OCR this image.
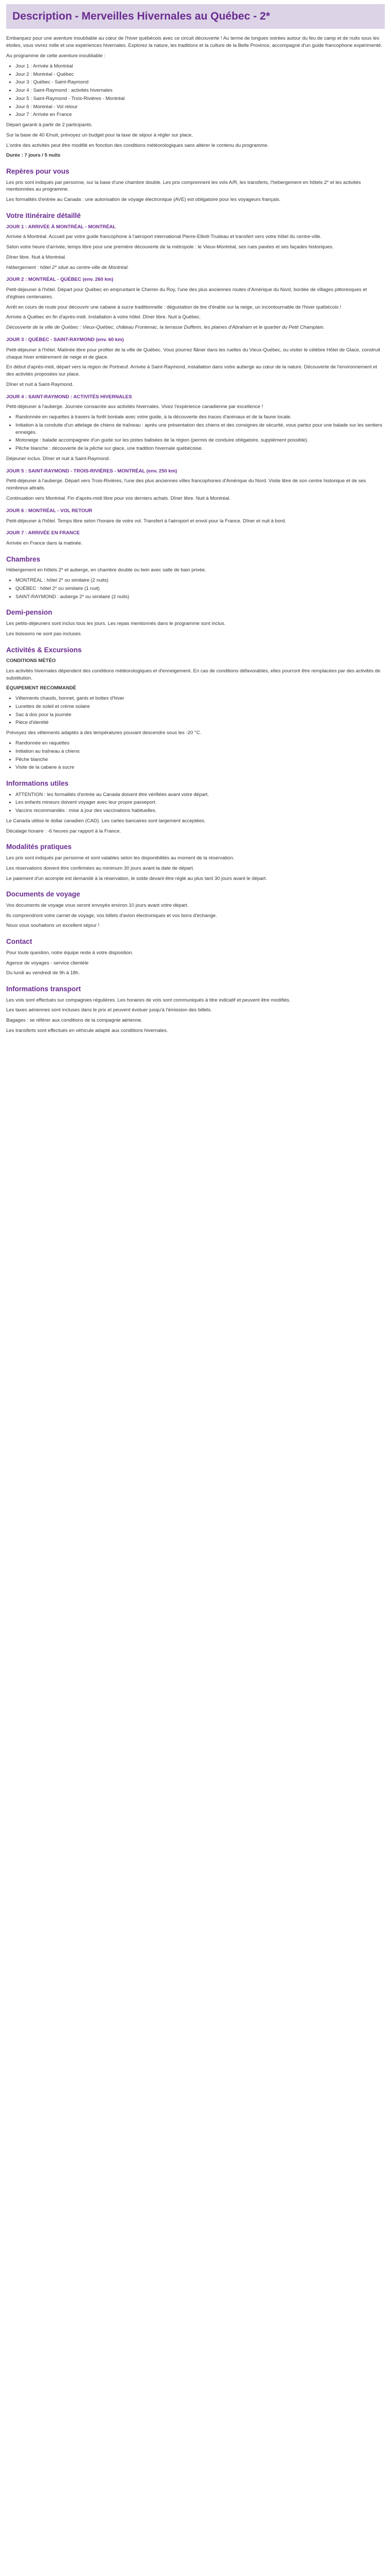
Description - Merveilles Hivernales au Québec - 2*

Embarquez pour une aventure inoubliable au cœur de l'hiver québécois avec ce circuit découverte ! Au terme de longues soirées autour du feu de camp et de nuits sous les étoiles, vous vivrez mille et une expériences hivernales. Explorez la nature, les traditions et la culture de la Belle Province, accompagné d'un guide francophone expérimenté.

Au programme de cette aventure inoubliable :

• Jour 1 : Arrivée à Montréal
• Jour 2 : Montréal - Québec
• Jour 3 : Québec - Saint-Raymond
• Jour 4 : Saint-Raymond : activités hivernales
• Jour 5 : Saint-Raymond - Trois-Rivières - Montréal
• Jour 6 : Montréal - Vol retour
• Jour 7 : Arrivée en France

Départ garanti à partir de 2 participants.

Sur la base de 40 €/nuit, prévoyez un budget pour la taxe de séjour à régler sur place.

L'ordre des activités peut être modifié en fonction des conditions météorologiques sans altérer le contenu du programme.

Durée : 7 jours / 5 nuits

Repères pour vous

Les prix sont indiqués par personne, sur la base d'une chambre double. Les prix comprennent les vols A/R, les transferts, l'hébergement en hôtels 2* et les activités mentionnées au programme.

Les formalités d'entrée au Canada : une autorisation de voyage électronique (AVE) est obligatoire pour les voyageurs français.

Votre itinéraire détaillé

JOUR 1 : ARRIVÉE À MONTRÉAL - MONTRÉAL

Arrivée à Montréal. Accueil par votre guide francophone à l'aéroport international Pierre-Elliott-Trudeau et transfert vers votre hôtel du centre-ville.

Selon votre heure d'arrivée, temps libre pour une première découverte de la métropole : le Vieux-Montréal, ses rues pavées et ses façades historiques.

Dîner libre. Nuit à Montréal.

Hébergement : hôtel 2* situé au centre-ville de Montréal.

JOUR 2 : MONTRÉAL - QUÉBEC (env. 260 km)

Petit-déjeuner à l'hôtel. Départ pour Québec en empruntant le Chemin du Roy, l'une des plus anciennes routes d'Amérique du Nord, bordée de villages pittoresques et d'églises centenaires.

Arrêt en cours de route pour découvrir une cabane à sucre traditionnelle : dégustation de tire d'érable sur la neige, un incontournable de l'hiver québécois !

Arrivée à Québec en fin d'après-midi. Installation à votre hôtel. Dîner libre. Nuit à Québec.

Découverte de la ville de Québec : Vieux-Québec, château Frontenac, la terrasse Dufferin, les plaines d'Abraham et le quartier du Petit Champlain.

JOUR 3 : QUÉBEC - SAINT-RAYMOND (env. 60 km)

Petit-déjeuner à l'hôtel. Matinée libre pour profiter de la ville de Québec. Vous pourrez flâner dans les ruelles du Vieux-Québec, ou visiter le célèbre Hôtel de Glace, construit chaque hiver entièrement de neige et de glace.

En début d'après-midi, départ vers la région de Portneuf. Arrivée à Saint-Raymond, installation dans votre auberge au cœur de la nature. Découverte de l'environnement et des activités proposées sur place.

Dîner et nuit à Saint-Raymond.

JOUR 4 : SAINT-RAYMOND : ACTIVITÉS HIVERNALES

Petit-déjeuner à l'auberge. Journée consacrée aux activités hivernales. Vivez l'expérience canadienne par excellence !

• Randonnée en raquettes à travers la forêt boréale avec votre guide, à la découverte des traces d'animaux et de la faune locale.
• Initiation à la conduite d'un attelage de chiens de traîneau : après une présentation des chiens et des consignes de sécurité, vous partez pour une balade sur les sentiers enneigés.
• Motoneige : balade accompagnée d'un guide sur les pistes balisées de la région (permis de conduire obligatoire, supplément possible).
• Pêche blanche : découverte de la pêche sur glace, une tradition hivernale québécoise.

Déjeuner inclus. Dîner et nuit à Saint-Raymond.

JOUR 5 : SAINT-RAYMOND - TROIS-RIVIÈRES - MONTRÉAL (env. 250 km)

Petit-déjeuner à l'auberge. Départ vers Trois-Rivières, l'une des plus anciennes villes francophones d'Amérique du Nord. Visite libre de son centre historique et de ses nombreux attraits.

Continuation vers Montréal. Fin d'après-midi libre pour vos derniers achats. Dîner libre. Nuit à Montréal.

JOUR 6 : MONTRÉAL - VOL RETOUR

Petit-déjeuner à l'hôtel. Temps libre selon l'horaire de votre vol. Transfert à l'aéroport et envol pour la France. Dîner et nuit à bord.

JOUR 7 : ARRIVÉE EN FRANCE

Arrivée en France dans la matinée.

Chambres

Hébergement en hôtels 2* et auberge, en chambre double ou twin avec salle de bain privée.

• MONTRÉAL : hôtel 2* ou similaire (2 nuits)
• QUÉBEC : hôtel 2* ou similaire (1 nuit)
• SAINT-RAYMOND : auberge 2* ou similaire (2 nuits)
Demi-pension

Les petits-déjeuners sont inclus tous les jours. Les repas mentionnés dans le programme sont inclus.

Les boissons ne sont pas incluses.

Activités & Excursions

CONDITIONS MÉTÉO

Les activités hivernales dépendent des conditions météorologiques et d'enneigement. En cas de conditions défavorables, elles pourront être remplacées par des activités de substitution.

ÉQUIPEMENT RECOMMANDÉ

• Vêtements chauds, bonnet, gants et bottes d'hiver
• Lunettes de soleil et crème solaire
• Sac à dos pour la journée
• Pièce d'identité

Prévoyez des vêtements adaptés à des températures pouvant descendre sous les -20 °C.

• Randonnée en raquettes
• Initiation au traîneau à chiens
• Pêche blanche
• Visite de la cabane à sucre
Informations utiles
• ATTENTION : les formalités d'entrée au Canada doivent être vérifiées avant votre départ.
• Les enfants mineurs doivent voyager avec leur propre passeport.
• Vaccins recommandés : mise à jour des vaccinations habituelles.

Le Canada utilise le dollar canadien (CAD). Les cartes bancaires sont largement acceptées.

Décalage horaire : -6 heures par rapport à la France.

Modalités pratiques

Les prix sont indiqués par personne et sont valables selon les disponibilités au moment de la réservation.

Les réservations doivent être confirmées au minimum 30 jours avant la date de départ.

Le paiement d'un acompte est demandé à la réservation, le solde devant être réglé au plus tard 30 jours avant le départ.

Documents de voyage

Vos documents de voyage vous seront envoyés environ 10 jours avant votre départ.

Ils comprendront votre carnet de voyage, vos billets d'avion électroniques et vos bons d'échange.

Nous vous souhaitons un excellent séjour !

Contact

Pour toute question, notre équipe reste à votre disposition.

Agence de voyages - service clientèle

Du lundi au vendredi de 9h à 18h.

Informations transport

Les vols sont effectués sur compagnies régulières. Les horaires de vols sont communiqués à titre indicatif et peuvent être modifiés.

Les taxes aériennes sont incluses dans le prix et peuvent évoluer jusqu'à l'émission des billets.

Bagages : se référer aux conditions de la compagnie aérienne.

Les transferts sont effectués en véhicule adapté aux conditions hivernales.
